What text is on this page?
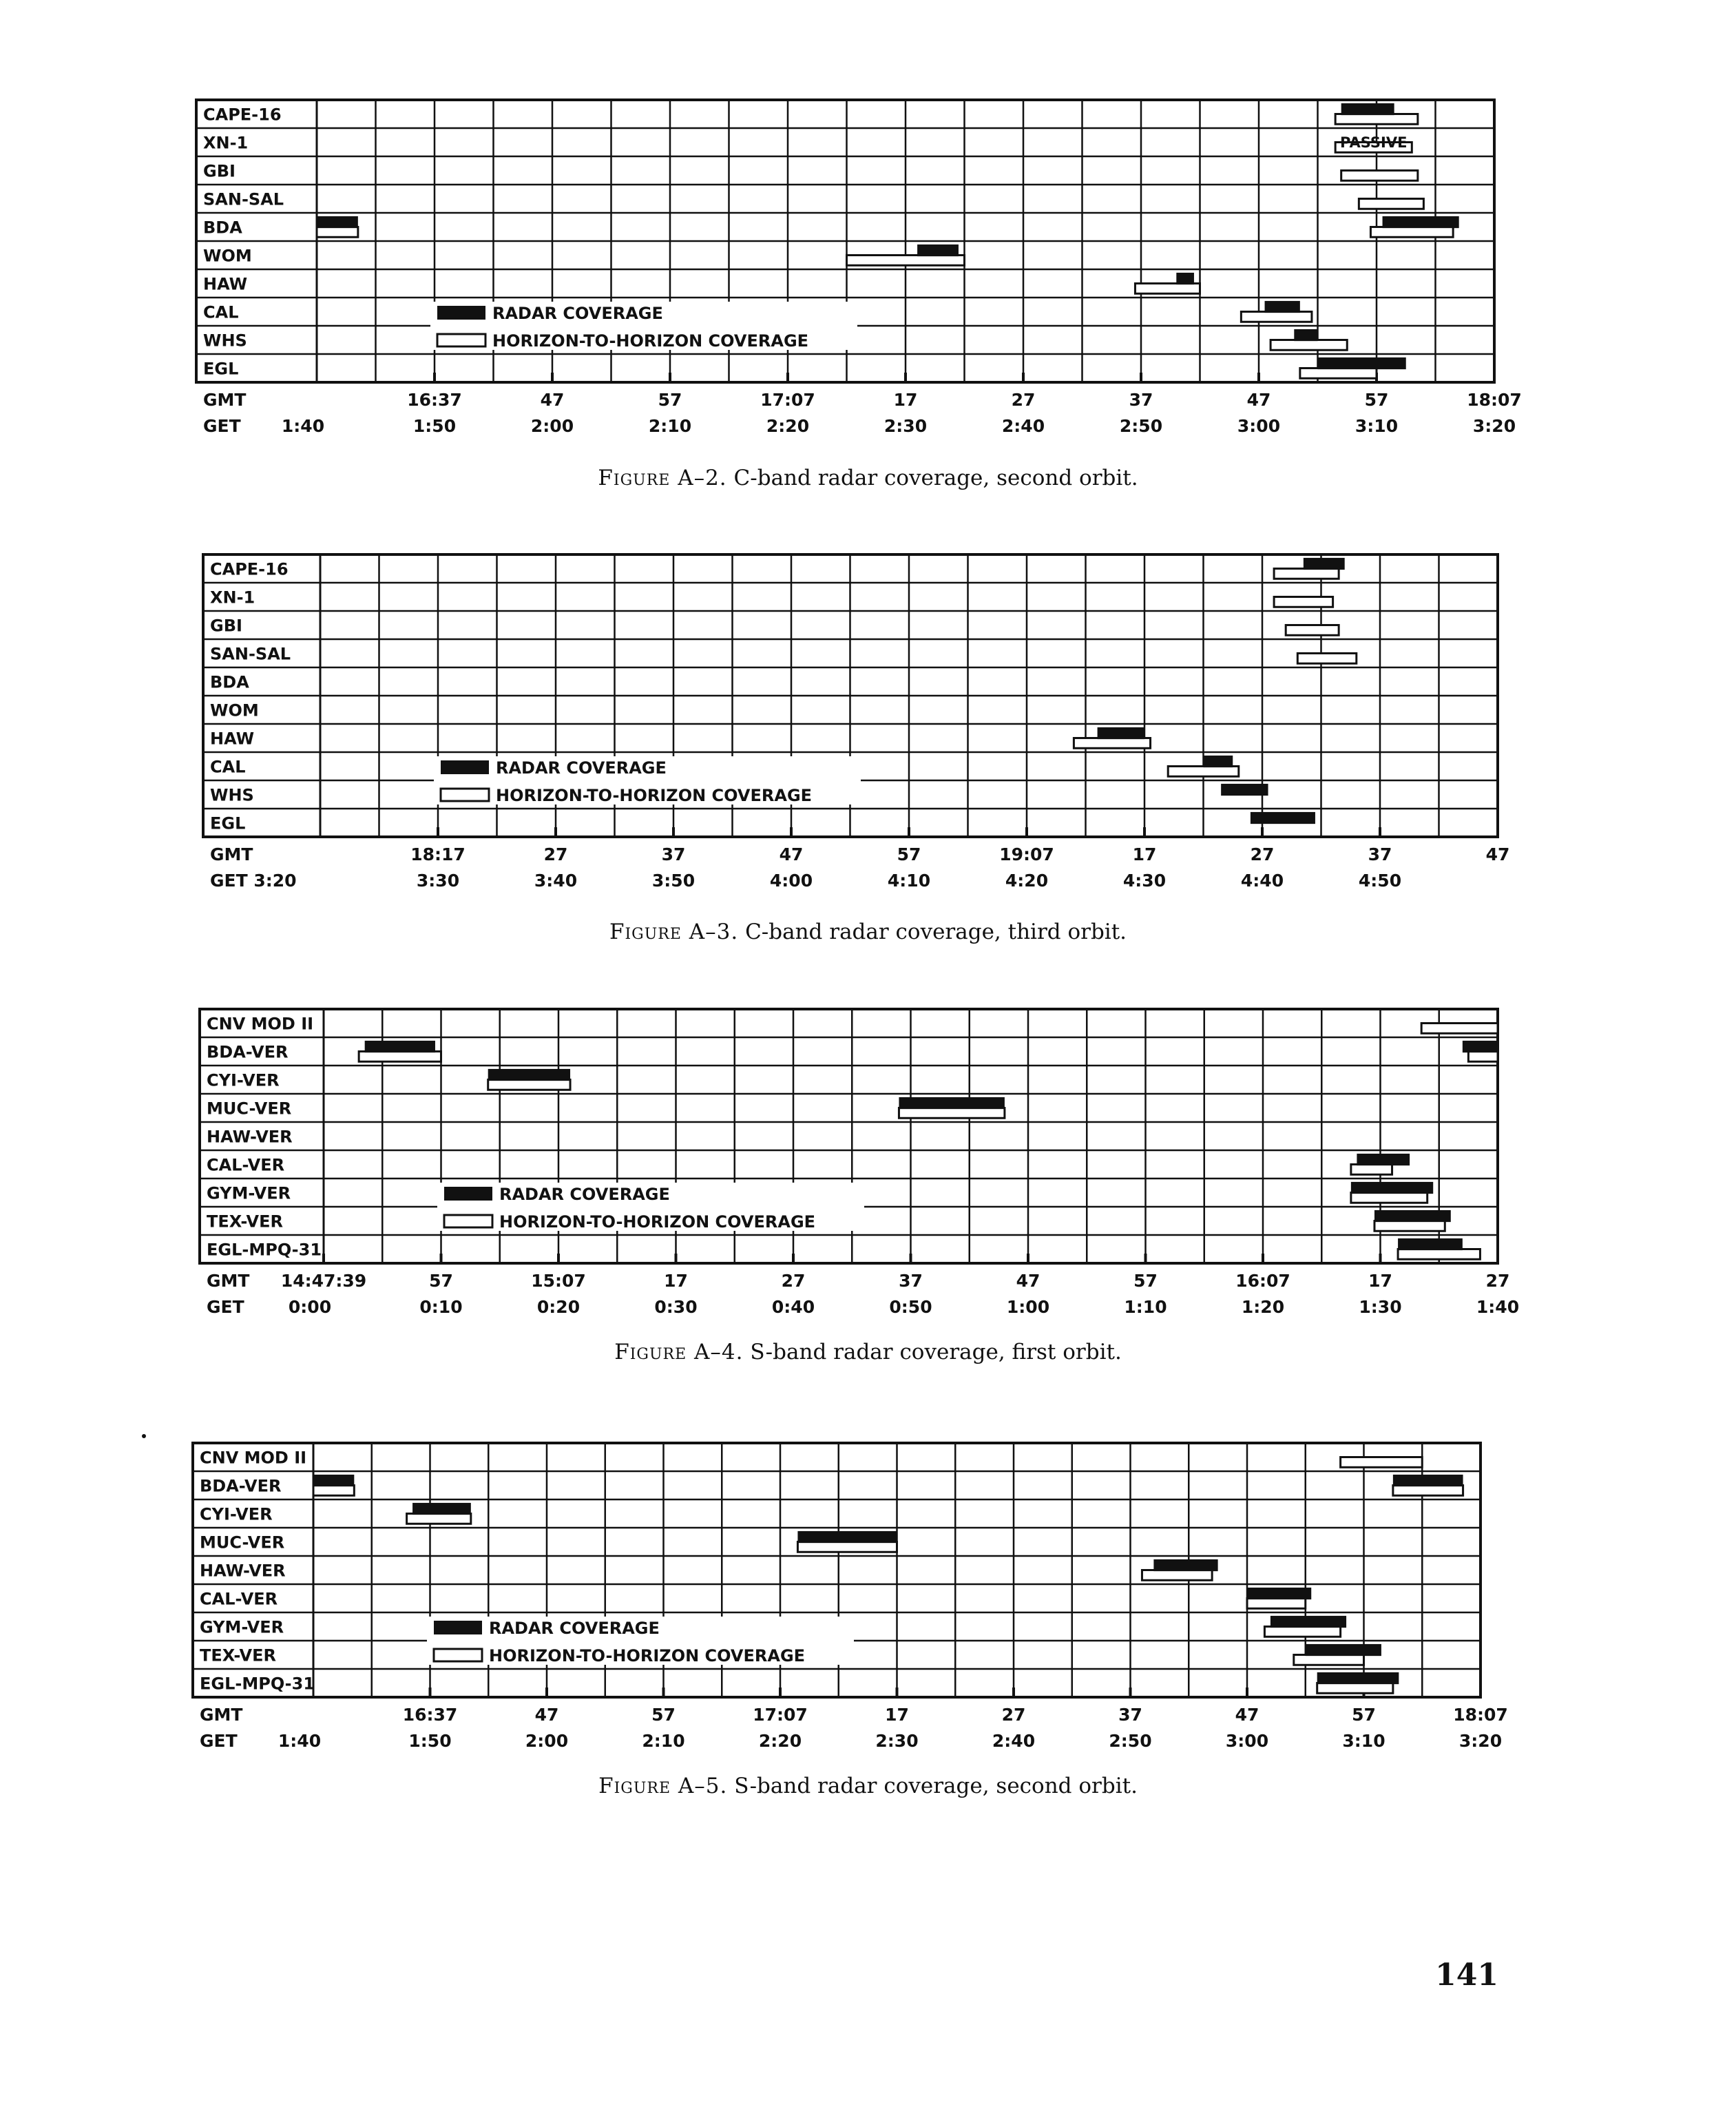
CAPE-16
XN-1
GBI
SAN-SAL
BDA
WOM
HAW
CAL
WHS
EGL
RADAR COVERAGE
HORIZON-TO-HORIZON COVERAGE
PASSIVE
GMT
GET
16:37	47	57	17:07	17	27	37	47	57	18:07
1:40	1:50	2:00	2:10	2:20	2:30	2:40	2:50	3:00	3:10	3:20
Figure A–2. C-band radar coverage, second orbit.
CAPE-16
XN-1
GBI
SAN-SAL
BDA
WOM
HAW
CAL
WHS
EGL
RADAR COVERAGE
HORIZON-TO-HORIZON COVERAGE
GMT
GET 3:20
18:17	27	37	47	57	19:07	17	27	37	47
3:30	3:40	3:50	4:00	4:10	4:20	4:30	4:40	4:50
Figure A–3. C-band radar coverage, third orbit.
CNV MOD II
BDA-VER
CYI-VER
MUC-VER
HAW-VER
CAL-VER
GYM-VER
TEX-VER
EGL-MPQ-31
RADAR COVERAGE
HORIZON-TO-HORIZON COVERAGE
GMT
GET
14:47:39	57	15:07	17	27	37	47	57	16:07	17	27
0:00	0:10	0:20	0:30	0:40	0:50	1:00	1:10	1:20	1:30	1:40
Figure A–4. S-band radar coverage, first orbit.
CNV MOD II
BDA-VER
CYI-VER
MUC-VER
HAW-VER
CAL-VER
GYM-VER
TEX-VER
EGL-MPQ-31
RADAR COVERAGE
HORIZON-TO-HORIZON COVERAGE
GMT
GET
16:37	47	57	17:07	17	27	37	47	57	18:07
1:40	1:50	2:00	2:10	2:20	2:30	2:40	2:50	3:00	3:10	3:20
Figure A–5. S-band radar coverage, second orbit.
141
